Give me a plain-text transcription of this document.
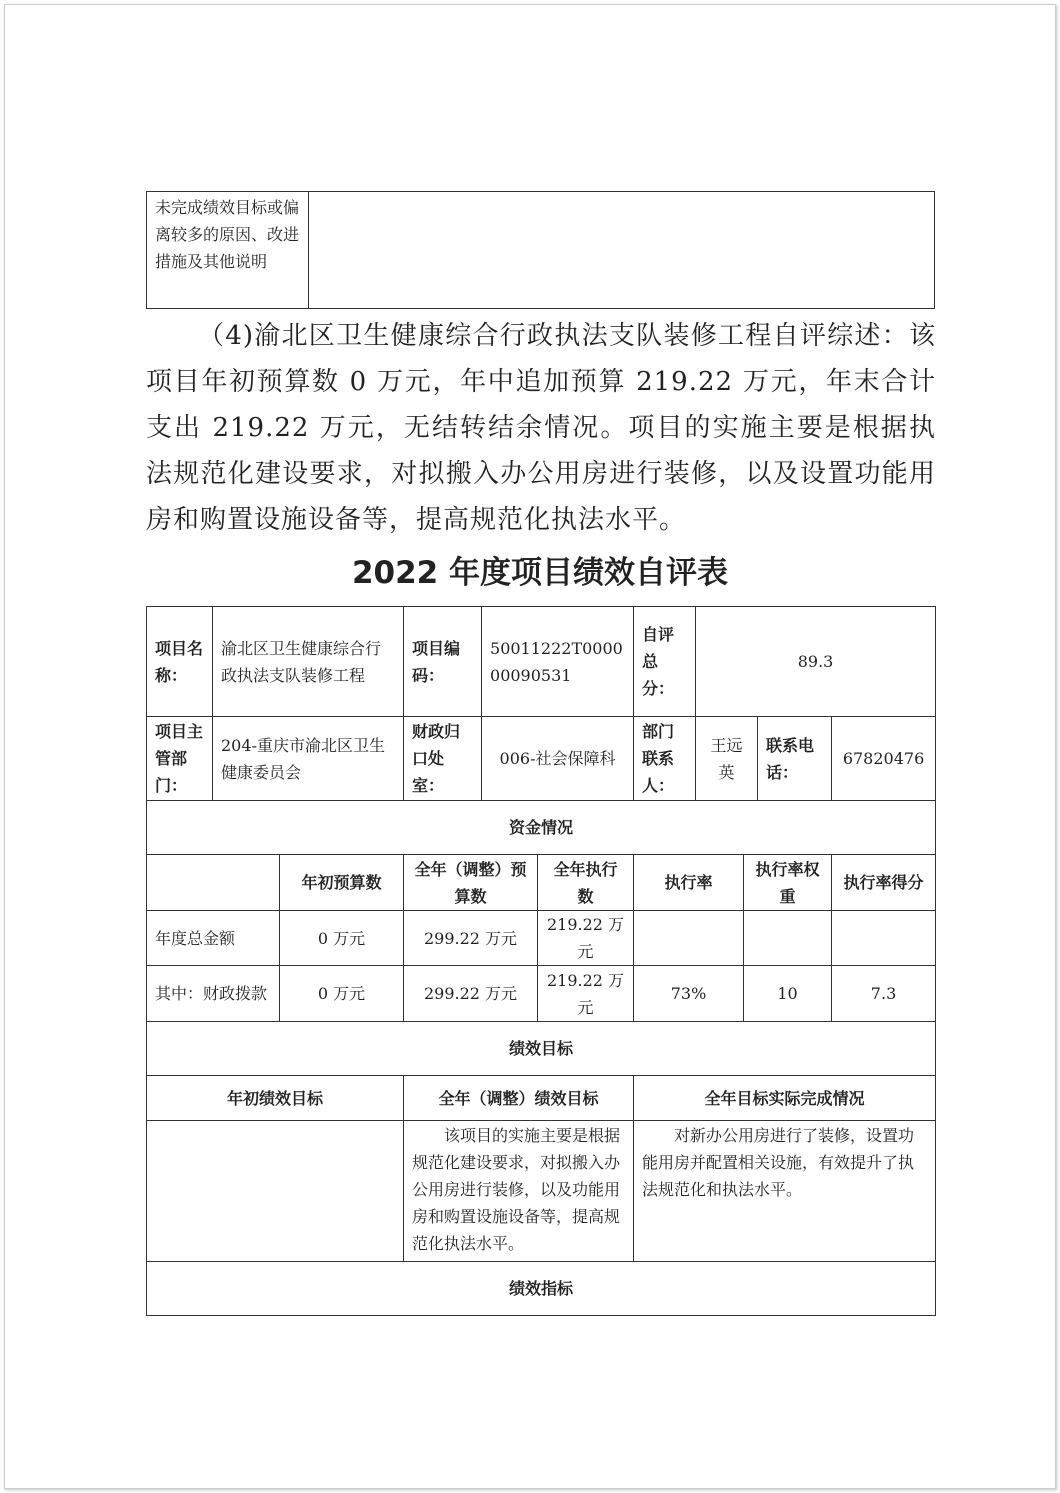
未完成绩效目标或偏离较多的原因、改进措施及其他说明	

（4)渝北区卫生健康综合行政执法支队装修工程自评综述：该项目年初预算数 0 万元，年中追加预算 219.22 万元，年末合计支出 219.22 万元，无结转结余情况。项目的实施主要是根据执法规范化建设要求，对拟搬入办公用房进行装修，以及设置功能用房和购置设施设备等，提高规范化执法水平。

2022 年度项目绩效自评表
项目名称：	渝北区卫生健康综合行政执法支队装修工程		项目编码：	50011222T000000090531		自评总分：	89.3			
项目主管部门：	204-重庆市渝北区卫生健康委员会		财政归口处室：	006-社会保障科		部门联系人：	王远英		联系电话：	67820476
资金情况										
		年初预算数	全年（调整）预算数		全年执行数	执行率		执行率权重		执行率得分
年度总金额		0 万元	299.22 万元		219.22 万元					
其中：财政拨款		0 万元	299.22 万元		219.22 万元	73%		10		7.3
绩效目标										
年初绩效目标			全年（调整）绩效目标			全年目标实际完成情况				
			该项目的实施主要是根据规范化建设要求，对拟搬入办公用房进行装修，以及功能用房和购置设施设备等，提高规范化执法水平。			对新办公用房进行了装修，设置功能用房并配置相关设施，有效提升了执法规范化和执法水平。				
绩效指标										
